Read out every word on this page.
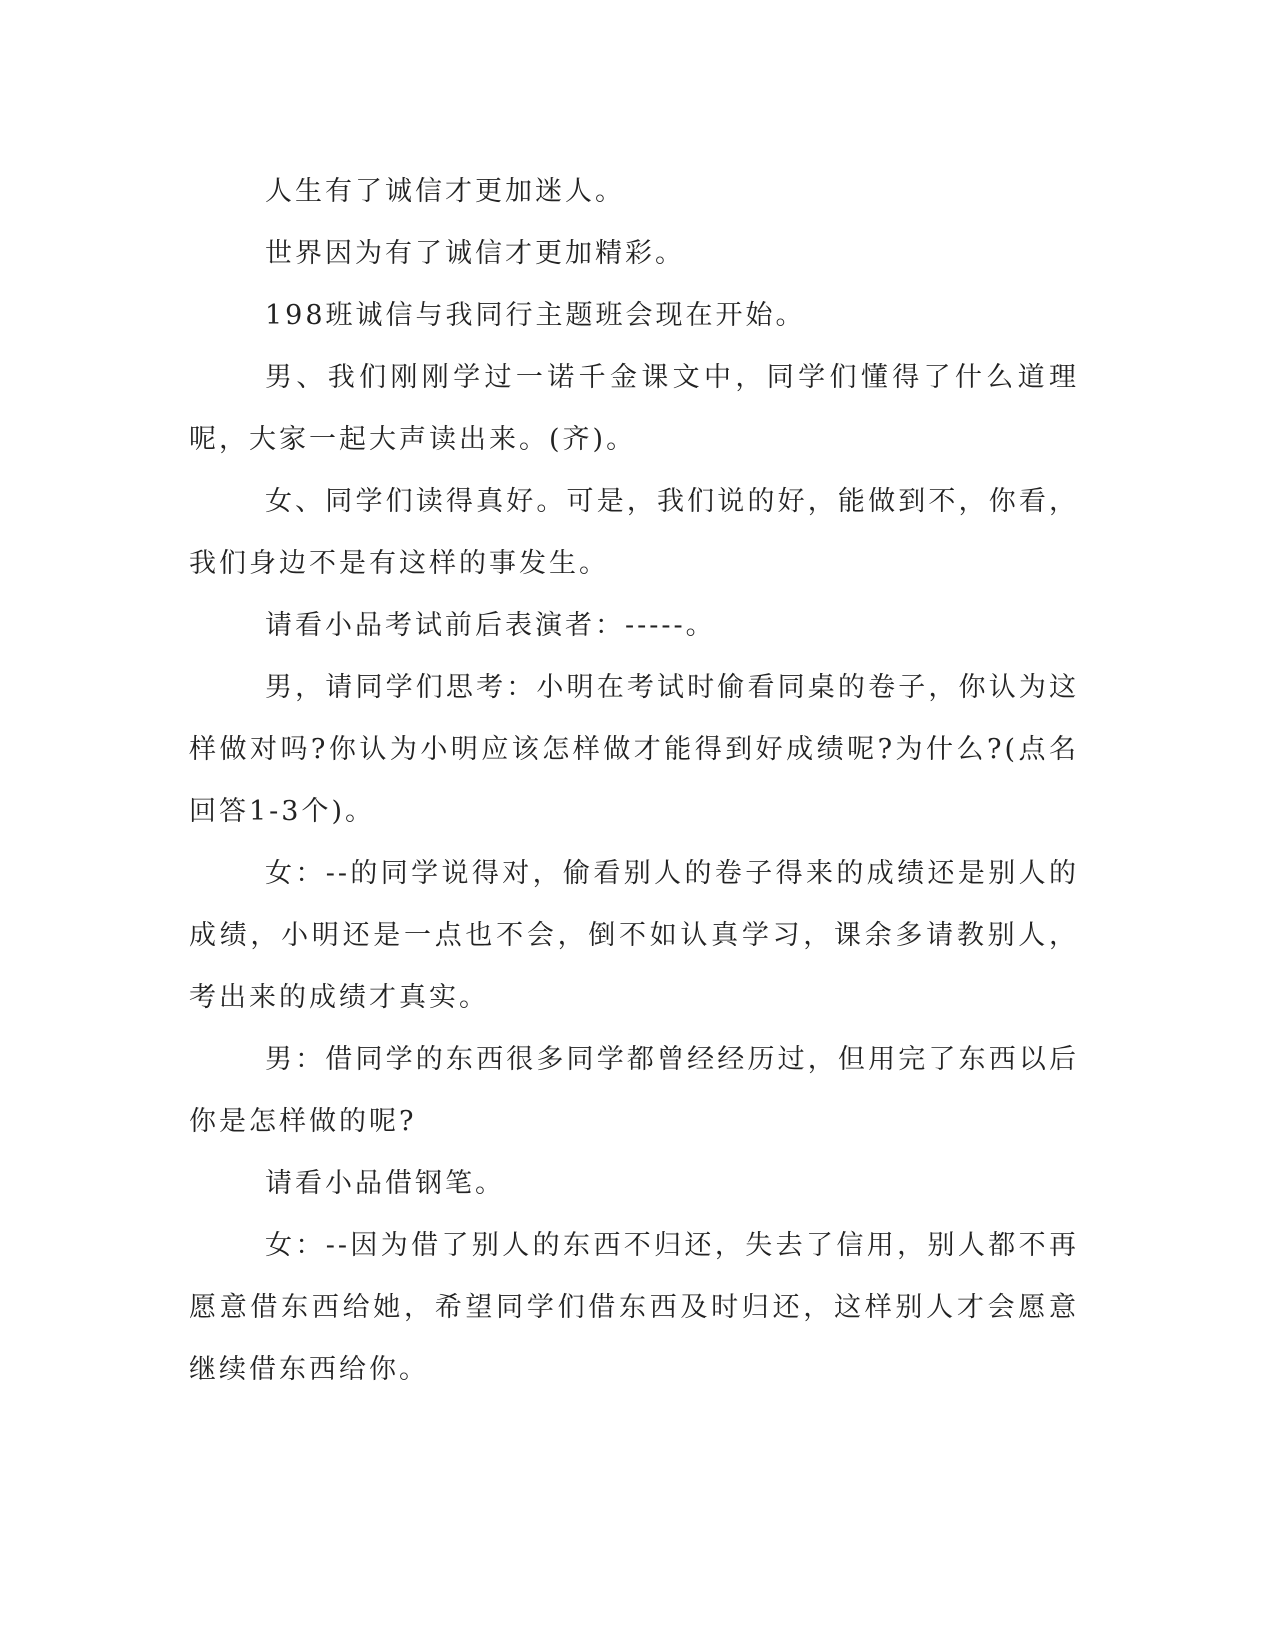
人生有了诚信才更加迷人。

世界因为有了诚信才更加精彩。

198班诚信与我同行主题班会现在开始。

男、我们刚刚学过一诺千金课文中，同学们懂得了什么道理呢，大家一起大声读出来。(齐)。

女、同学们读得真好。可是，我们说的好，能做到不，你看，我们身边不是有这样的事发生。

请看小品考试前后表演者：-----。

男，请同学们思考：小明在考试时偷看同桌的卷子，你认为这样做对吗?你认为小明应该怎样做才能得到好成绩呢?为什么?(点名回答1-3个)。

女：--的同学说得对，偷看别人的卷子得来的成绩还是别人的成绩，小明还是一点也不会，倒不如认真学习，课余多请教别人，考出来的成绩才真实。

男：借同学的东西很多同学都曾经经历过，但用完了东西以后你是怎样做的呢?

请看小品借钢笔。

女：--因为借了别人的东西不归还，失去了信用，别人都不再愿意借东西给她，希望同学们借东西及时归还，这样别人才会愿意继续借东西给你。
